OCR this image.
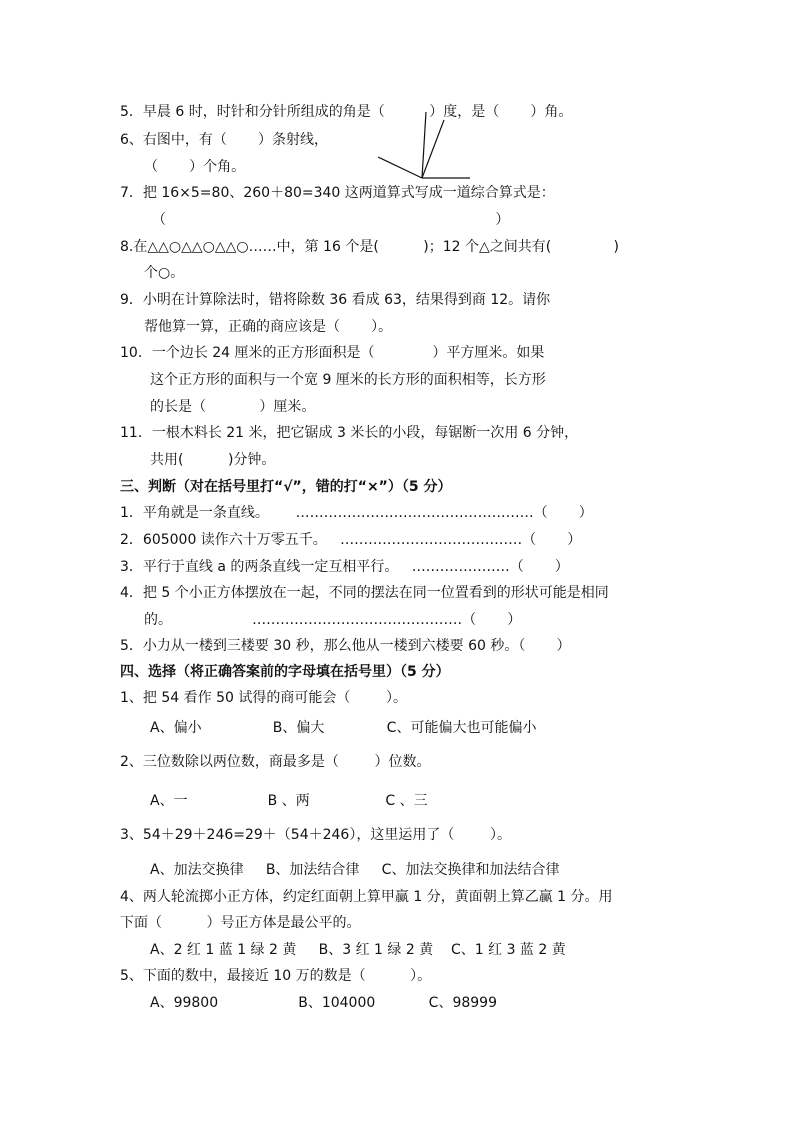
5．早晨 6 时，时针和分针所组成的角是（          ）度，是（       ）角。
6、右图中，有（       ）条射线，
（       ）个角。
7．把 16×5=80、260＋80=340 这两道算式写成一道综合算式是：
（                                                                          ）
8.在△△○△△○△△○……中，第 16 个是(          )；12 个△之间共有(              )
个○。
9．小明在计算除法时，错将除数 36 看成 63，结果得到商 12。请你
帮他算一算，正确的商应该是（       ）。
10．一个边长 24 厘米的正方形面积是（             ）平方厘米。如果
这个正方形的面积与一个宽 9 厘米的长方形的面积相等，长方形
的长是（            ）厘米。
11．一根木料长 21 米，把它锯成 3 米长的小段，每锯断一次用 6 分钟，
共用(          )分钟。
三、判断（对在括号里打“√”，错的打“×”）（5 分）
1．平角就是一条直线。      ……………………………………………（       ）
2．605000 读作六十万零五千。   …………………………………（       ）
3．平行于直线 a 的两条直线一定互相平行。   …………………（       ）
4．把 5 个小正方体摆放在一起，不同的摆法在同一位置看到的形状可能是相同
的。                  ………………………………………（       ）
5．小力从一楼到三楼要 30 秒，那么他从一楼到六楼要 60 秒。（       ）
四、选择（将正确答案前的字母填在括号里）（5 分）
1、把 54 看作 50 试得的商可能会（        ）。
A、偏小                B、偏大              C、可能偏大也可能偏小
2、三位数除以两位数，商最多是（        ）位数。
A、一                  B 、两                 C 、三
3、54＋29＋246=29＋（54＋246），这里运用了（        ）。
A、加法交换律     B、加法结合律     C、加法交换律和加法结合律
4、两人轮流掷小正方体，约定红面朝上算甲赢 1 分，黄面朝上算乙赢 1 分。用
下面（          ）号正方体是最公平的。
A、2 红 1 蓝 1 绿 2 黄     B、3 红 1 绿 2 黄    C、1 红 3 蓝 2 黄
5、下面的数中，最接近 10 万的数是（          ）。
A、99800                  B、104000            C、98999
